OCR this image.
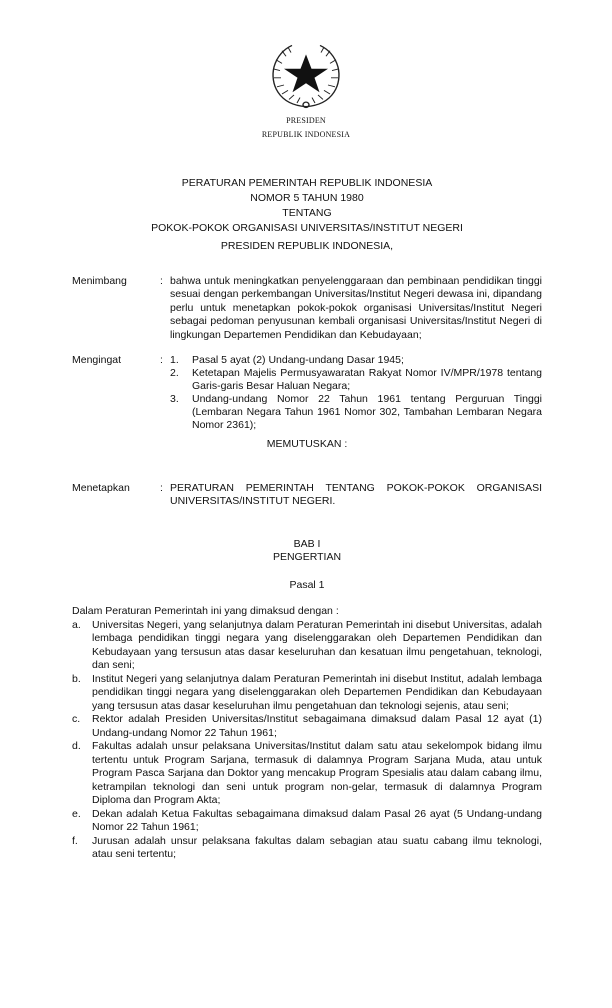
PRESIDEN
REPUBLIK INDONESIA
PERATURAN PEMERINTAH REPUBLIK INDONESIA
NOMOR 5 TAHUN 1980
TENTANG
POKOK-POKOK ORGANISASI UNIVERSITAS/INSTITUT NEGERI
PRESIDEN REPUBLIK INDONESIA,
Menimbang	: bahwa untuk meningkatkan penyelenggaraan dan pembinaan pendidikan tinggi sesuai dengan perkembangan Universitas/Institut Negeri dewasa ini, dipandang perlu untuk menetapkan pokok-pokok organisasi Universitas/Institut Negeri sebagai pedoman penyusunan kembali organisasi Universitas/Institut Negeri di lingkungan Departemen Pendidikan dan Kebudayaan;
Mengingat	: 1. Pasal 5 ayat (2) Undang-undang Dasar 1945;
2. Ketetapan Majelis Permusyawaratan Rakyat Nomor IV/MPR/1978 tentang Garis-garis Besar Haluan Negara;
3. Undang-undang Nomor 22 Tahun 1961 tentang Perguruan Tinggi (Lembaran Negara Tahun 1961 Nomor 302, Tambahan Lembaran Negara Nomor 2361);
MEMUTUSKAN :
Menetapkan	: PERATURAN PEMERINTAH TENTANG POKOK-POKOK ORGANISASI UNIVERSITAS/INSTITUT NEGERI.
BAB I
PENGERTIAN
Pasal 1
Dalam Peraturan Pemerintah ini yang dimaksud dengan :
a. Universitas Negeri, yang selanjutnya dalam Peraturan Pemerintah ini disebut Universitas, adalah lembaga pendidikan tinggi negara yang diselenggarakan oleh Departemen Pendidikan dan Kebudayaan yang tersusun atas dasar keseluruhan dan kesatuan ilmu pengetahuan, teknologi, dan seni;
b. Institut Negeri yang selanjutnya dalam Peraturan Pemerintah ini disebut Institut, adalah lembaga pendidikan tinggi negara yang diselenggarakan oleh Departemen Pendidikan dan Kebudayaan yang tersusun atas dasar keseluruhan ilmu pengetahuan dan teknologi sejenis, atau seni;
c. Rektor adalah Presiden Universitas/Institut sebagaimana dimaksud dalam Pasal 12 ayat (1) Undang-undang Nomor 22 Tahun 1961;
d. Fakultas adalah unsur pelaksana Universitas/Institut dalam satu atau sekelompok bidang ilmu tertentu untuk Program Sarjana, termasuk di dalamnya Program Sarjana Muda, atau untuk Program Pasca Sarjana dan Doktor yang mencakup Program Spesialis atau dalam cabang ilmu, ketrampilan teknologi dan seni untuk program non-gelar, termasuk di dalamnya Program Diploma dan Program Akta;
e. Dekan adalah Ketua Fakultas sebagaimana dimaksud dalam Pasal 26 ayat (5 Undang-undang Nomor 22 Tahun 1961;
f. Jurusan adalah unsur pelaksana fakultas dalam sebagian atau suatu cabang ilmu teknologi, atau seni tertentu;
